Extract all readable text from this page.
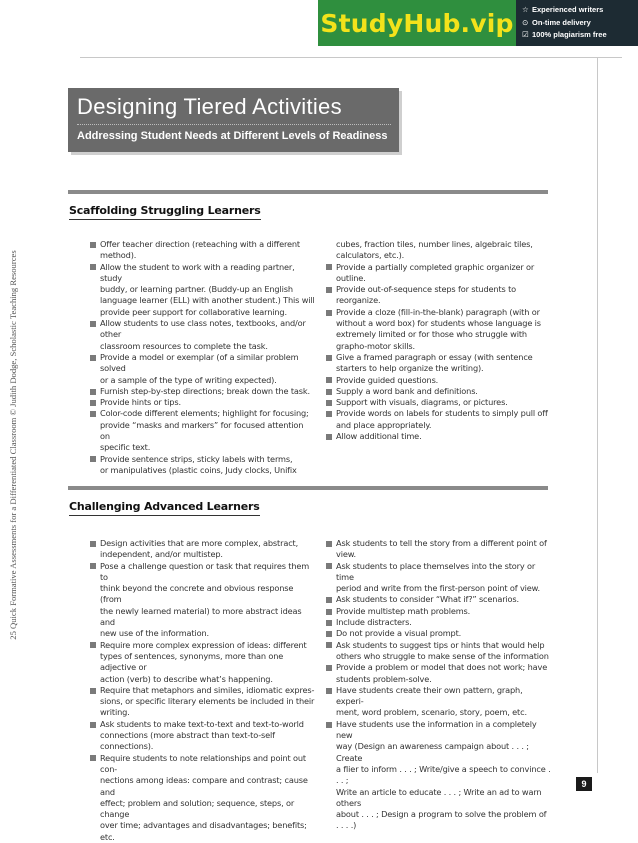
StudyHub.vip	☆ Experienced writers
⊙ On-time delivery
☑ 100% plagiarism free
25 Quick Formative Assessments for a Differentiated Classroom © Judith Dodge, Scholastic Teaching Resources
Designing Tiered Activities
Addressing Student Needs at Different Levels of Readiness
Scaffolding Struggling Learners
Offer teacher direction (reteaching with a different
method).
Allow the student to work with a reading partner, study
buddy, or learning partner. (Buddy-up an English
language learner (ELL) with another student.) This will
provide peer support for collaborative learning.
Allow students to use class notes, textbooks, and/or other
classroom resources to complete the task.
Provide a model or exemplar (of a similar problem solved
or a sample of the type of writing expected).
Furnish step-by-step directions; break down the task.
Provide hints or tips.
Color-code different elements; highlight for focusing;
provide “masks and markers” for focused attention on
specific text.
Provide sentence strips, sticky labels with terms,
or manipulatives (plastic coins, Judy clocks, Unifix
cubes, fraction tiles, number lines, algebraic tiles,
calculators, etc.).
Provide a partially completed graphic organizer or
outline.
Provide out-of-sequence steps for students to reorganize.
Provide a cloze (fill-in-the-blank) paragraph (with or
without a word box) for students whose language is
extremely limited or for those who struggle with
grapho-motor skills.
Give a framed paragraph or essay (with sentence
starters to help organize the writing).
Provide guided questions.
Supply a word bank and definitions.
Support with visuals, diagrams, or pictures.
Provide words on labels for students to simply pull off
and place appropriately.
Allow additional time.
Challenging Advanced Learners
Design activities that are more complex, abstract,
independent, and/or multistep.
Pose a challenge question or task that requires them to
think beyond the concrete and obvious response (from
the newly learned material) to more abstract ideas and
new use of the information.
Require more complex expression of ideas: different
types of sentences, synonyms, more than one adjective or
action (verb) to describe what’s happening.
Require that metaphors and similes, idiomatic expres-
sions, or specific literary elements be included in their
writing.
Ask students to make text-to-text and text-to-world
connections (more abstract than text-to-self connections).
Require students to note relationships and point out con-
nections among ideas: compare and contrast; cause and
effect; problem and solution; sequence, steps, or change
over time; advantages and disadvantages; benefits; etc.
Ask students to tell the story from a different point of view.
Ask students to place themselves into the story or time
period and write from the first-person point of view.
Ask students to consider “What if?” scenarios.
Provide multistep math problems.
Include distracters.
Do not provide a visual prompt.
Ask students to suggest tips or hints that would help
others who struggle to make sense of the information
Provide a problem or model that does not work; have
students problem-solve.
Have students create their own pattern, graph, experi-
ment, word problem, scenario, story, poem, etc.
Have students use the information in a completely new
way (Design an awareness campaign about . . . ; Create
a flier to inform . . . ; Write/give a speech to convince . . . ;
Write an article to educate . . . ; Write an ad to warn others
about . . . ; Design a program to solve the problem of . . . .)
9
